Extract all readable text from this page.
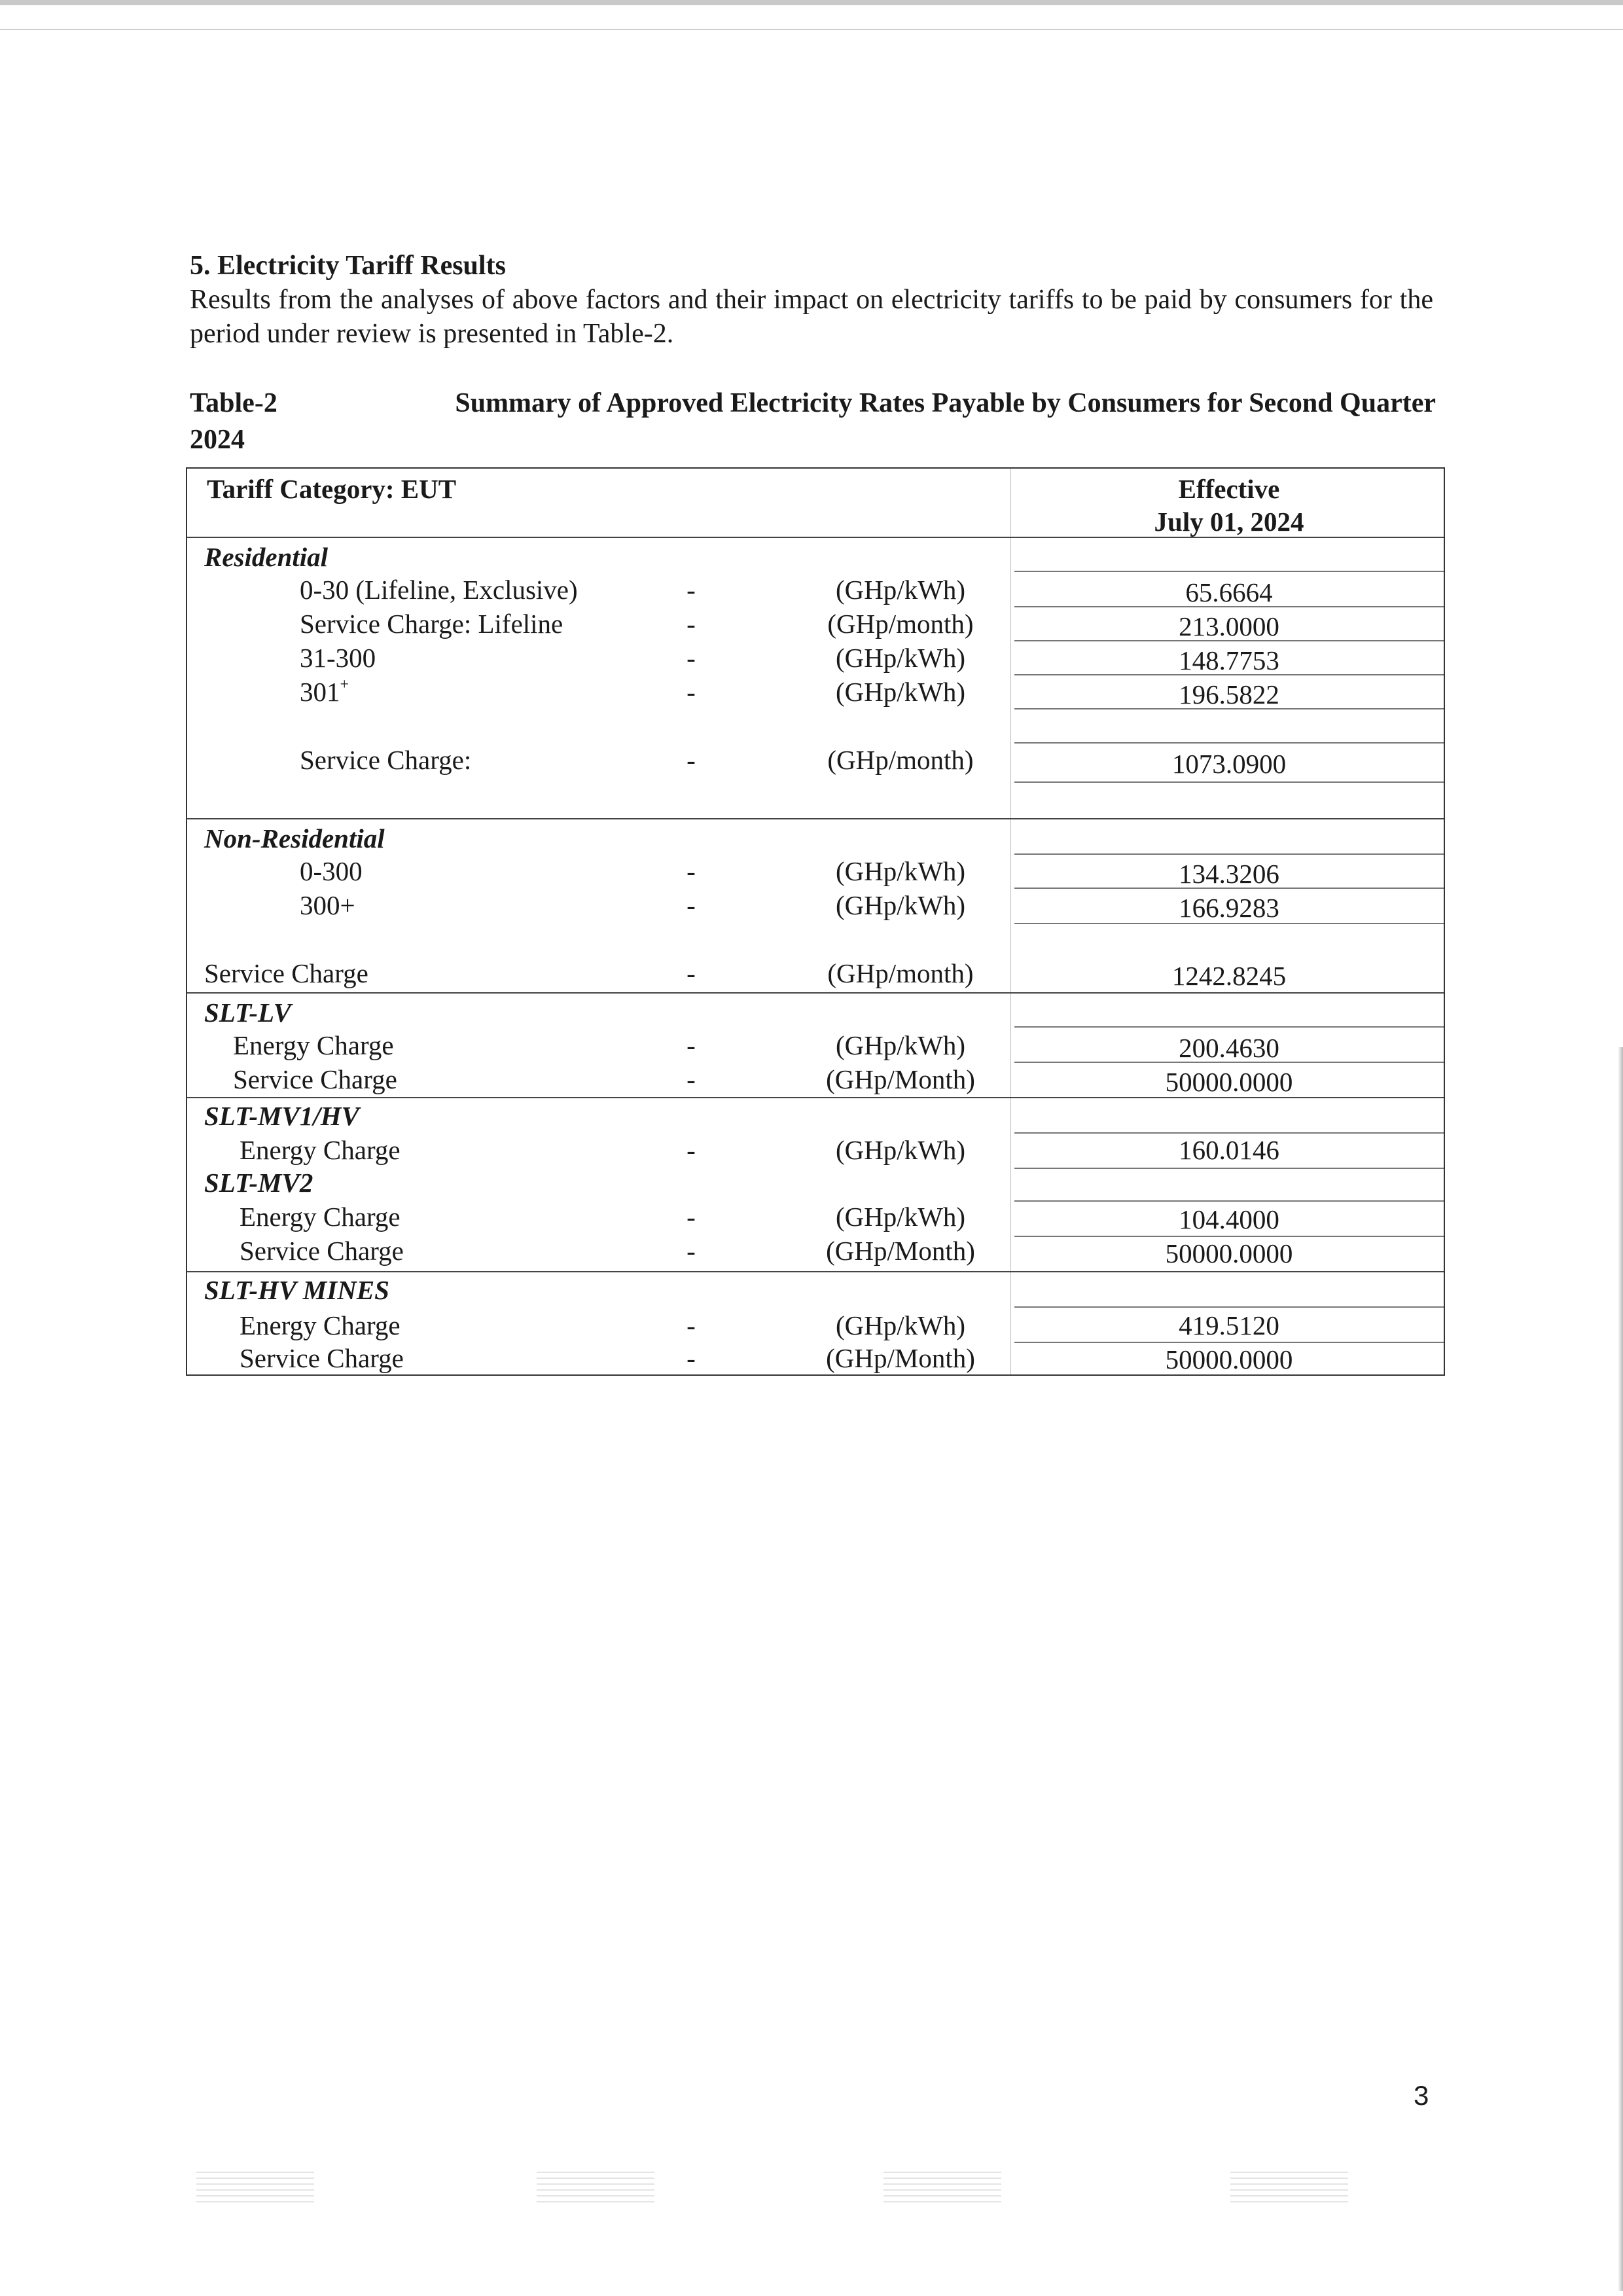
5. Electricity Tariff Results
Results from the analyses of above factors and their impact on electricity tariffs to be paid by consumers for the period under review is presented in Table-2.
Table-2
2024
Summary of Approved Electricity Rates Payable by Consumers for Second Quarter
Tariff Category: EUT	Effective
July 01, 2024
Residential
0-30 (Lifeline, Exclusive)	-	(GHp/kWh)	65.6664
Service Charge: Lifeline	-	(GHp/month)	213.0000
31-300	-	(GHp/kWh)	148.7753
301+	-	(GHp/kWh)	196.5822
Service Charge:	-	(GHp/month)	1073.0900
Non-Residential
0-300	-	(GHp/kWh)	134.3206
300+	-	(GHp/kWh)	166.9283
Service Charge	-	(GHp/month)	1242.8245
SLT-LV
Energy Charge	-	(GHp/kWh)	200.4630
Service Charge	-	(GHp/Month)	50000.0000
SLT-MV1/HV
Energy Charge	-	(GHp/kWh)	160.0146
SLT-MV2
Energy Charge	-	(GHp/kWh)	104.4000
Service Charge	-	(GHp/Month)	50000.0000
SLT-HV MINES
Energy Charge	-	(GHp/kWh)	419.5120
Service Charge	-	(GHp/Month)	50000.0000
3
